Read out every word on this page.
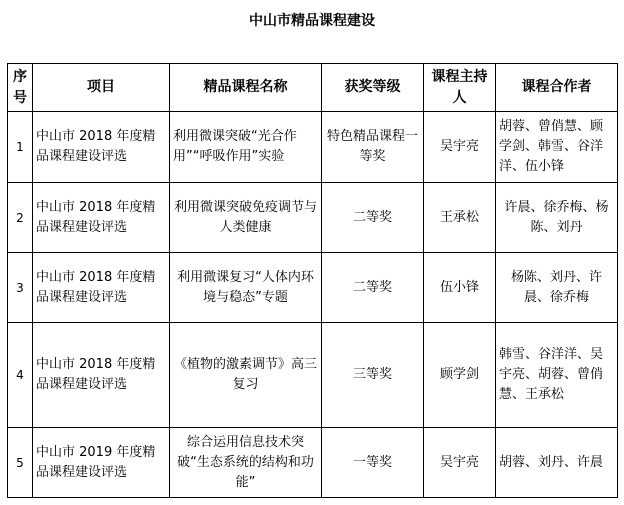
中山市精品课程建设
序号	项目	精品课程名称	获奖等级	课程主持人	课程合作者
1	中山市 2018 年度精品课程建设评选	利用微课突破“光合作用”“呼吸作用”实验	特色精品课程一等奖	吴宇亮	胡蓉、曾俏慧、顾学剑、韩雪、谷洋洋、伍小锋
2	中山市 2018 年度精品课程建设评选	利用微课突破免疫调节与人类健康	二等奖	王承松	许晨、徐乔梅、杨陈、刘丹
3	中山市 2018 年度精品课程建设评选	利用微课复习“人体内环境与稳态”专题	二等奖	伍小锋	杨陈、刘丹、许晨、徐乔梅
4	中山市 2018 年度精品课程建设评选	《植物的激素调节》高三复习	三等奖	顾学剑	韩雪、谷洋洋、吴宇亮、胡蓉、曾俏慧、王承松
5	中山市 2019 年度精品课程建设评选	综合运用信息技术突破“生态系统的结构和功能”	一等奖	吴宇亮	胡蓉、刘丹、许晨
